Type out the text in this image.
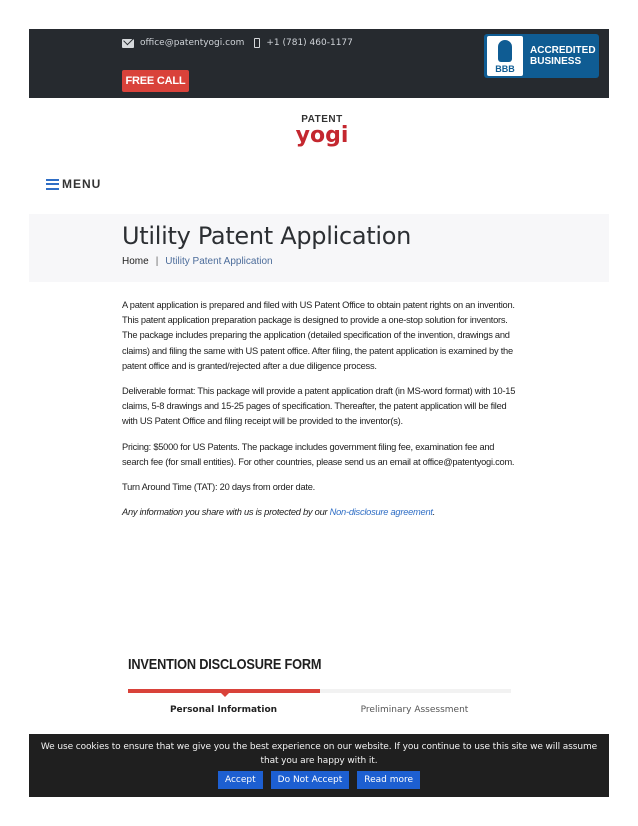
office@patentyogi.com +1 (781) 460-1177
FREE CALL
BBB
ACCREDITED
BUSINESS
PATENT
yogi
MENU
Utility Patent Application
Home | Utility Patent Application

A patent application is prepared and filed with US Patent Office to obtain patent rights on an invention. This patent application preparation package is designed to provide a one-stop solution for inventors. The package includes preparing the application (detailed specification of the invention, drawings and claims) and filing the same with US patent office. After filing, the patent application is examined by the patent office and is granted/rejected after a due diligence process.

Deliverable format: This package will provide a patent application draft (in MS-word format) with 10-15 claims, 5-8 drawings and 15-25 pages of specification. Thereafter, the patent application will be filed with US Patent Office and filing receipt will be provided to the inventor(s).

Pricing: $5000 for US Patents. The package includes government filing fee, examination fee and search fee (for small entities). For other countries, please send us an email at office@patentyogi.com.

Turn Around Time (TAT): 20 days from order date.

Any information you share with us is protected by our Non-disclosure agreement.

INVENTION DISCLOSURE FORM
Personal Information	Preliminary Assessment
We use cookies to ensure that we give you the best experience on our website. If you continue to use this site we will assume that you are happy with it.
Accept	Do Not Accept	Read more
